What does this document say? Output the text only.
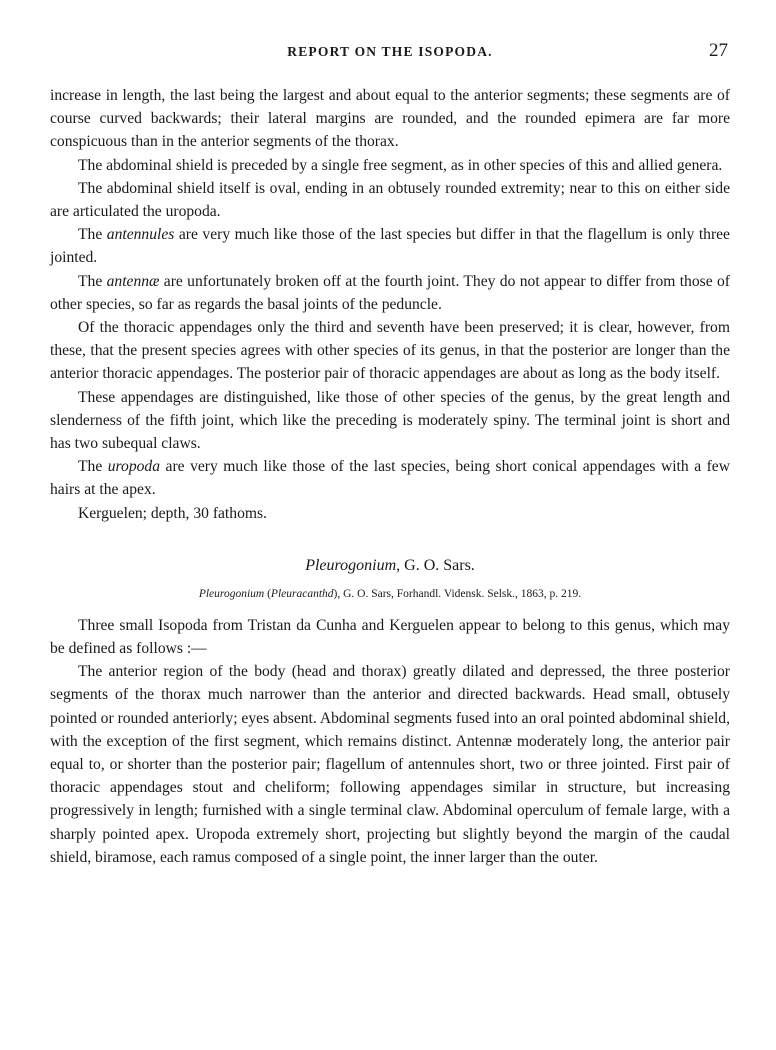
REPORT ON THE ISOPODA.	27

increase in length, the last being the largest and about equal to the anterior segments; these segments are of course curved backwards; their lateral margins are rounded, and the rounded epimera are far more conspicuous than in the anterior segments of the thorax.

The abdominal shield is preceded by a single free segment, as in other species of this and allied genera.

The abdominal shield itself is oval, ending in an obtusely rounded extremity; near to this on either side are articulated the uropoda.

The antennules are very much like those of the last species but differ in that the flagellum is only three jointed.

The antennæ are unfortunately broken off at the fourth joint. They do not appear to differ from those of other species, so far as regards the basal joints of the peduncle.

Of the thoracic appendages only the third and seventh have been preserved; it is clear, however, from these, that the present species agrees with other species of its genus, in that the posterior are longer than the anterior thoracic appendages. The posterior pair of thoracic appendages are about as long as the body itself.

These appendages are distinguished, like those of other species of the genus, by the great length and slenderness of the fifth joint, which like the preceding is moderately spiny. The terminal joint is short and has two subequal claws.

The uropoda are very much like those of the last species, being short conical appendages with a few hairs at the apex.

Kerguelen; depth, 30 fathoms.

Pleurogonium, G. O. Sars.
Pleurogonium (Pleuracanthd), G. O. Sars, Forhandl. Vidensk. Selsk., 1863, p. 219.

Three small Isopoda from Tristan da Cunha and Kerguelen appear to belong to this genus, which may be defined as follows :—

The anterior region of the body (head and thorax) greatly dilated and depressed, the three posterior segments of the thorax much narrower than the anterior and directed backwards. Head small, obtusely pointed or rounded anteriorly; eyes absent. Abdominal segments fused into an oral pointed abdominal shield, with the exception of the first segment, which remains distinct. Antennæ moderately long, the anterior pair equal to, or shorter than the posterior pair; flagellum of antennules short, two or three jointed. First pair of thoracic appendages stout and cheliform; following appendages similar in structure, but increasing progressively in length; furnished with a single terminal claw. Abdominal operculum of female large, with a sharply pointed apex. Uropoda extremely short, projecting but slightly beyond the margin of the caudal shield, biramose, each ramus composed of a single point, the inner larger than the outer.
